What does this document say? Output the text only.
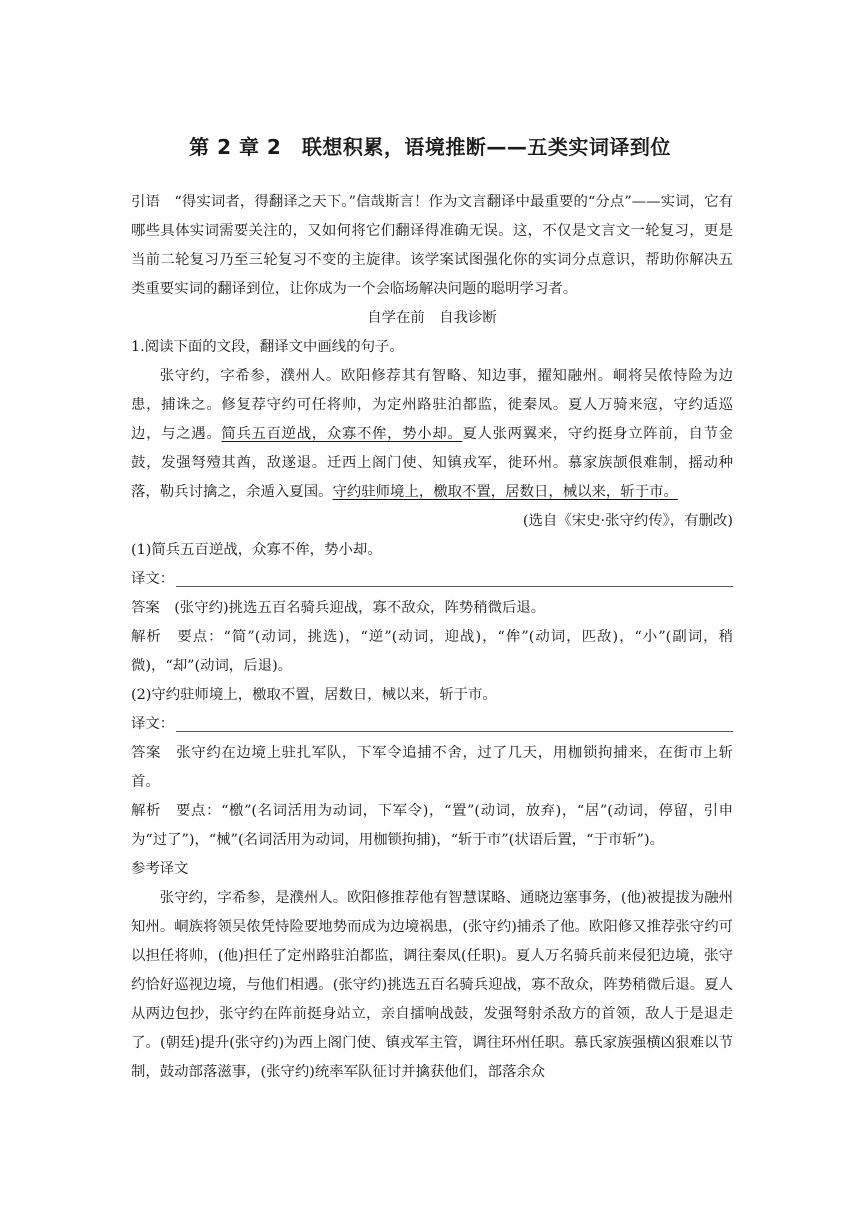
第 2 章 2　联想积累，语境推断——五类实词译到位

引语 “得实词者，得翻译之天下。”信哉斯言！作为文言翻译中最重要的“分点”——实词，它有哪些具体实词需要关注的，又如何将它们翻译得准确无误。这，不仅是文言文一轮复习，更是当前二轮复习乃至三轮复习不变的主旋律。该学案试图强化你的实词分点意识，帮助你解决五类重要实词的翻译到位，让你成为一个会临场解决问题的聪明学习者。

自学在前　自我诊断

1.阅读下面的文段，翻译文中画线的句子。

张守约，字希参，濮州人。欧阳修荐其有智略、知边事，擢知融州。峒将吴侬恃险为边患，捕诛之。修复荐守约可任将帅，为定州路驻泊都监，徙秦凤。夏人万骑来寇，守约适巡边，与之遇。简兵五百逆战，众寡不侔，势小却。夏人张两翼来，守约挺身立阵前，自节金鼓，发强弩殪其酋，敌遂退。迁西上阁门使、知镇戎军，徙环州。慕家族颉佷难制，摇动种落，勒兵讨擒之，余遁入夏国。守约驻师境上，檄取不置，居数日，械以来，斩于市。

(选自《宋史·张守约传》，有删改)

(1)简兵五百逆战，众寡不侔，势小却。

译文：

答案 (张守约)挑选五百名骑兵迎战，寡不敌众，阵势稍微后退。

解析 要点：“简”(动词，挑选)，“逆”(动词，迎战)，“侔”(动词，匹敌)，“小”(副词，稍微)，“却”(动词，后退)。

(2)守约驻师境上，檄取不置，居数日，械以来，斩于市。

译文：

答案 张守约在边境上驻扎军队，下军令追捕不舍，过了几天，用枷锁拘捕来，在街市上斩首。

解析 要点：“檄”(名词活用为动词，下军令)，“置”(动词，放弃)，“居”(动词，停留，引申为“过了”)，“械”(名词活用为动词，用枷锁拘捕)，“斩于市”(状语后置，“于市斩”)。

参考译文

张守约，字希参，是濮州人。欧阳修推荐他有智慧谋略、通晓边塞事务，(他)被提拔为融州知州。峒族将领吴侬凭恃险要地势而成为边境祸患，(张守约)捕杀了他。欧阳修又推荐张守约可以担任将帅，(他)担任了定州路驻泊都监，调往秦凤(任职)。夏人万名骑兵前来侵犯边境，张守约恰好巡视边境，与他们相遇。(张守约)挑选五百名骑兵迎战，寡不敌众，阵势稍微后退。夏人从两边包抄，张守约在阵前挺身站立，亲自擂响战鼓，发强弩射杀敌方的首领，敌人于是退走了。(朝廷)提升(张守约)为西上阁门使、镇戎军主管，调往环州任职。慕氏家族强横凶狠难以节制，鼓动部落滋事，(张守约)统率军队征讨并擒获他们，部落余众
